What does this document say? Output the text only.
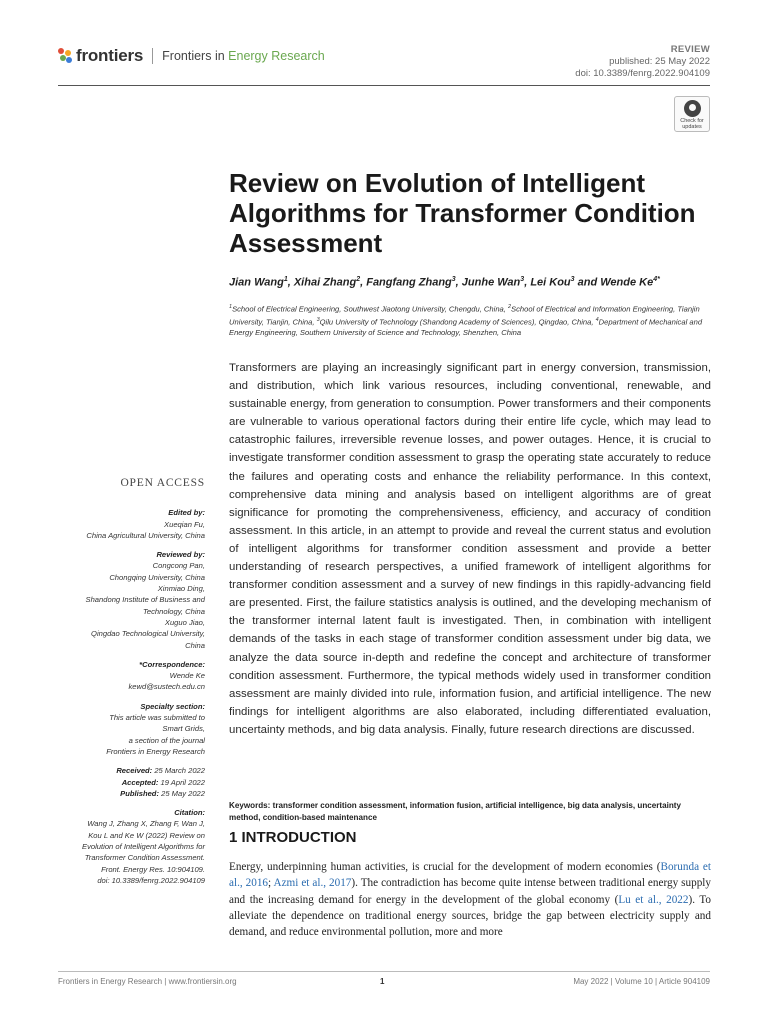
frontiers Frontiers in Energy Research	REVIEW
published: 25 May 2022
doi: 10.3389/fenrg.2022.904109
Check for updates
Review on Evolution of Intelligent Algorithms for Transformer Condition Assessment
Jian Wang$^1$, Xihai Zhang$^2$, Fangfang Zhang$^3$, Junhe Wan$^3$, Lei Kou$^3$ and Wende $Ke^{4*}$
$^1$School of Electrical Engineering, Southwest Jiaotong University, Chengdu, China, $^2$School of Electrical and Information Engineering, Tianjin University, Tianjin, China, $^3$Qilu University of Technology (Shandong Academy of Sciences), Qingdao, China, $^4$Department of Mechanical and Energy Engineering, Southern University of Science and Technology, Shenzhen, China

Transformers are playing an increasingly significant part in energy conversion, transmission, and distribution, which link various resources, including conventional, renewable, and sustainable energy, from generation to consumption. Power transformers and their components are vulnerable to various operational factors during their entire life cycle, which may lead to catastrophic failures, irreversible revenue losses, and power outages. Hence, it is crucial to investigate transformer condition assessment to grasp the operating state accurately to reduce the failures and operating costs and enhance the reliability performance. In this context, comprehensive data mining and analysis based on intelligent algorithms are of great significance for promoting the comprehensiveness, efficiency, and accuracy of condition assessment. In this article, in an attempt to provide and reveal the current status and evolution of intelligent algorithms for transformer condition assessment and provide a better understanding of research perspectives, a unified framework of intelligent algorithms for transformer condition assessment and a survey of new findings in this rapidly-advancing field are presented. First, the failure statistics analysis is outlined, and the developing mechanism of the transformer internal latent fault is investigated. Then, in combination with intelligent demands of the tasks in each stage of transformer condition assessment under big data, we analyze the data source in-depth and redefine the concept and architecture of transformer condition assessment. Furthermore, the typical methods widely used in transformer condition assessment are mainly divided into rule, information fusion, and artificial intelligence. The new findings for intelligent algorithms are also elaborated, including differentiated evaluation, uncertainty methods, and big data analysis. Finally, future research directions are discussed.

Keywords: transformer condition assessment, information fusion, artificial intelligence, big data analysis, uncertainty method, condition-based maintenance
1 INTRODUCTION

Energy, underpinning human activities, is crucial for the development of modern economies (Borunda et al., 2016; Azmi et al., 2017). The contradiction has become quite intense between traditional energy supply and the increasing demand for energy in the development of the global economy (Lu et al., 2022). To alleviate the dependence on traditional energy sources, bridge the gap between electricity supply and demand, and reduce environmental pollution, more and more

OPEN ACCESS
Edited by:
Xueqian Fu,
China Agricultural University, China
Reviewed by:
Congcong Pan,
Chongqing University, China
Xinmiao Ding,
Shandong Institute of Business and
Technology, China
Xuguo Jiao,
Qingdao Technological University,
China
*Correspondence:
Wende Ke
kewd@sustech.edu.cn
Specialty section:
This article was submitted to
Smart Grids,
a section of the journal
Frontiers in Energy Research
Received: 25 March 2022
Accepted: 19 April 2022
Published: 25 May 2022
Citation:
Wang J, Zhang X, Zhang F, Wan J,
Kou L and Ke W (2022) Review on
Evolution of Intelligent Algorithms for
Transformer Condition Assessment.
Front. Energy Res. 10:904109.
doi: 10.3389/fenrg.2022.904109
Frontiers in Energy Research | www.frontiersin.org	1	May 2022 | Volume 10 | Article 904109
